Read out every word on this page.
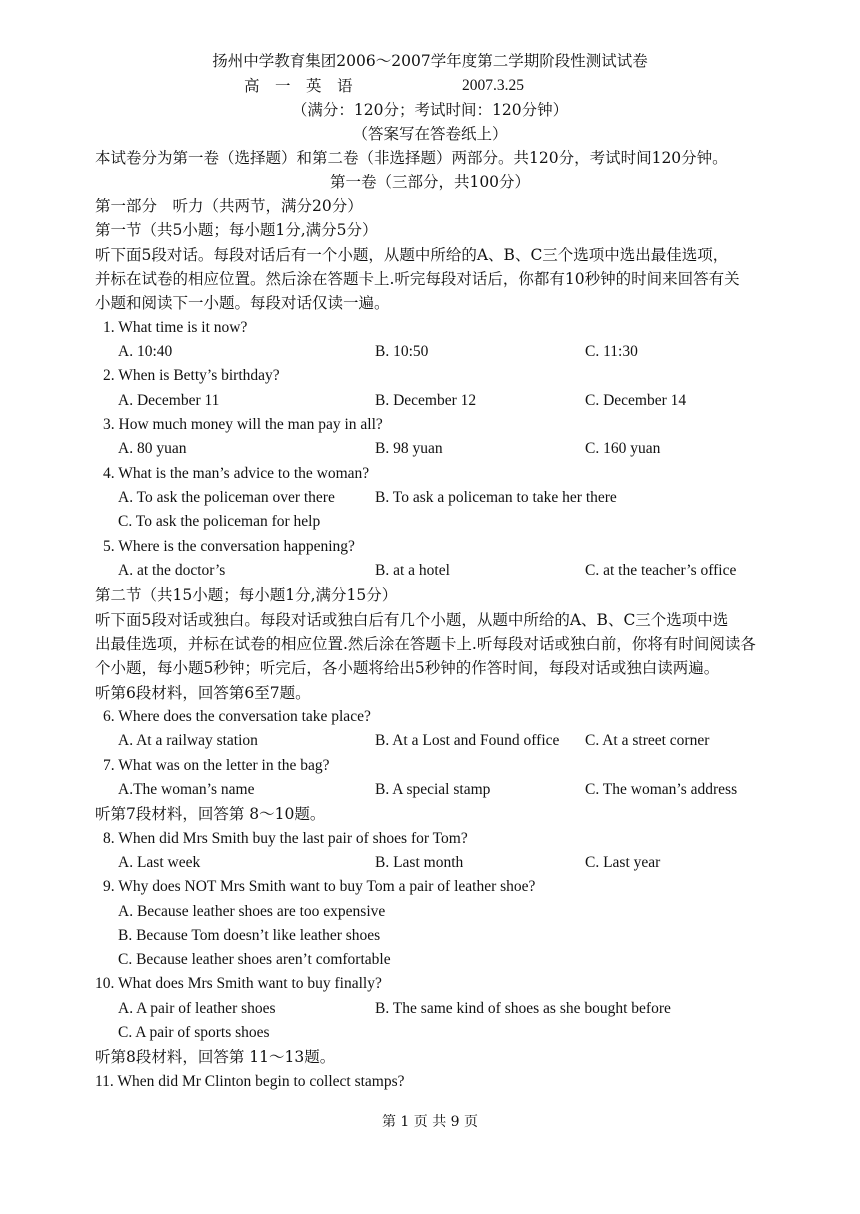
扬州中学教育集团2006～2007学年度第二学期阶段性测试试卷
高　一　英　语	2007.3.25
（满分：120分；考试时间：120分钟）
（答案写在答卷纸上）
本试卷分为第一卷（选择题）和第二卷（非选择题）两部分。共120分，考试时间120分钟。
第一卷（三部分，共100分）
第一部分　听力（共两节，满分20分）
第一节（共5小题；每小题1分,满分5分）
听下面5段对话。每段对话后有一个小题，从题中所给的A、B、C三个选项中选出最佳选项，
并标在试卷的相应位置。然后涂在答题卡上.听完每段对话后，你都有10秒钟的时间来回答有关
小题和阅读下一小题。每段对话仅读一遍。
1. What time is it now?
A. 10:40	B. 10:50	C. 11:30
2. When is Betty’s birthday?
A. December 11	B. December 12	C. December 14
3. How much money will the man pay in all?
A. 80 yuan	B. 98 yuan	C. 160 yuan
4. What is the man’s advice to the woman?
A. To ask the policeman over there	B. To ask a policeman to take her there
C. To ask the policeman for help
5. Where is the conversation happening?
A. at the doctor’s	B. at a hotel	C. at the teacher’s office
第二节（共15小题；每小题1分,满分15分）
听下面5段对话或独白。每段对话或独白后有几个小题，从题中所给的A、B、C三个选项中选
出最佳选项，并标在试卷的相应位置.然后涂在答题卡上.听每段对话或独白前，你将有时间阅读各
个小题，每小题5秒钟；听完后，各小题将给出5秒钟的作答时间，每段对话或独白读两遍。
听第6段材料，回答第6至7题。
6. Where does the conversation take place?
A. At a railway station	B. At a Lost and Found office C. At a street corner
7. What was on the letter in the bag?
A.The woman’s name	B. A special stamp	C. The woman’s address
听第7段材料，回答第 8～10题。
8. When did Mrs Smith buy the last pair of shoes for Tom?
A. Last week	B. Last month	C. Last year
9. Why does NOT Mrs Smith want to buy Tom a pair of leather shoe?
A. Because leather shoes are too expensive
B. Because Tom doesn’t like leather shoes
C. Because leather shoes aren’t comfortable
10. What does Mrs Smith want to buy finally?
A. A pair of leather shoes	B. The same kind of shoes as she bought before
C. A pair of sports shoes
听第8段材料，回答第 11～13题。
11. When did Mr Clinton begin to collect stamps?
第 1 页 共 9 页
